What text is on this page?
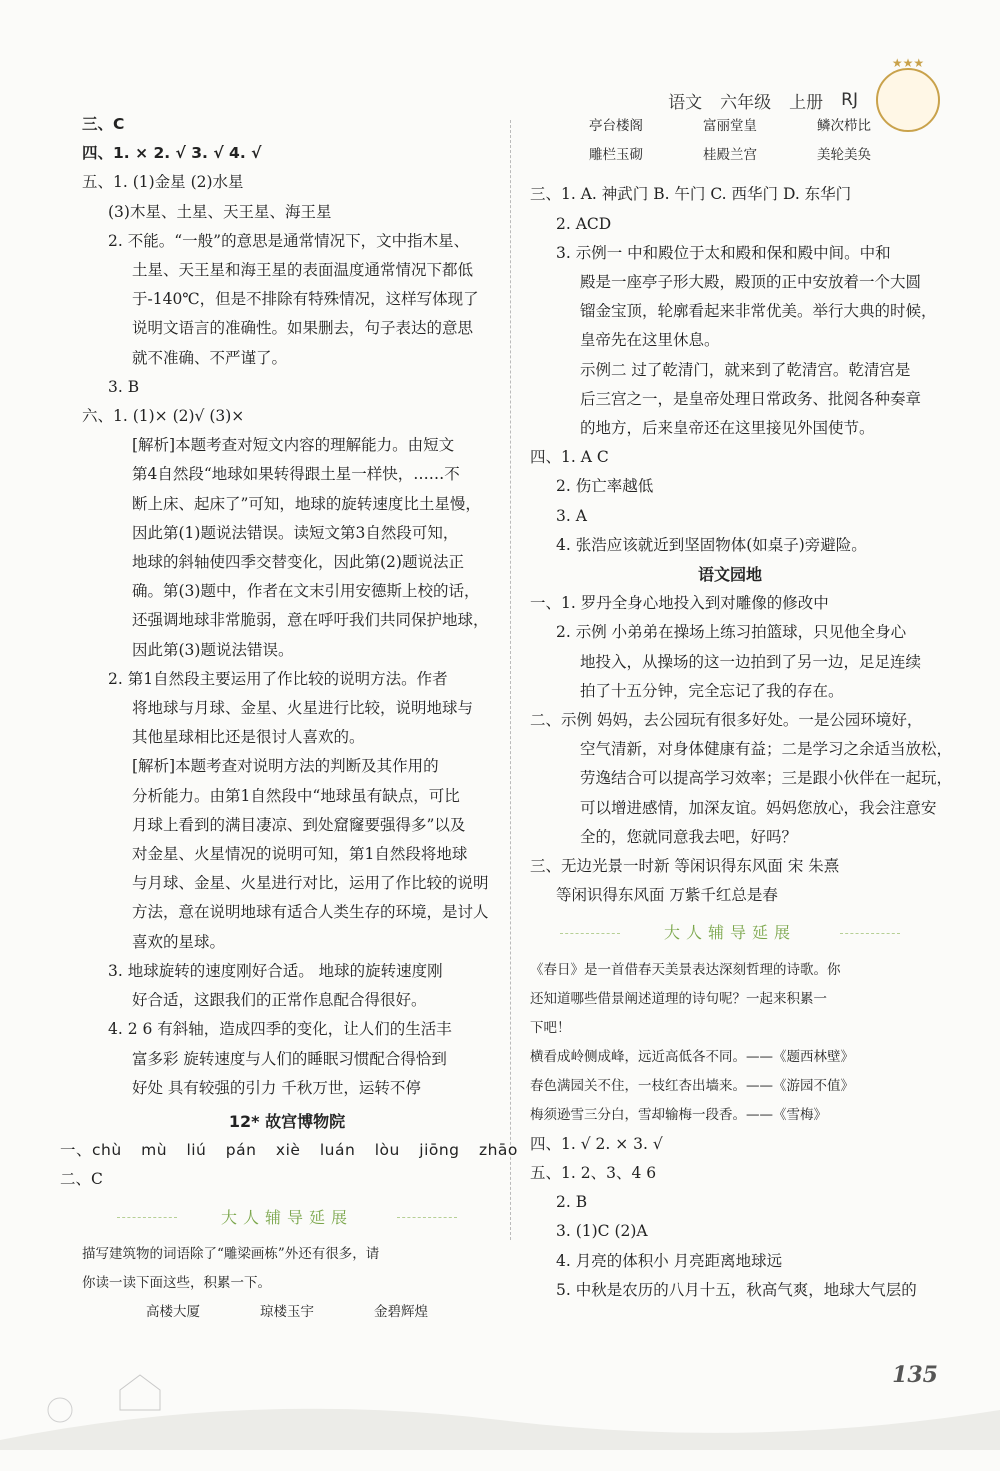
语文 六年级 上册 RJ
★★★
三、C
四、1. × 2. √ 3. √ 4. √
五、1. (1)金星 (2)水星
(3)木星、土星、天王星、海王星
2. 不能。“一般”的意思是通常情况下，文中指木星、
土星、天王星和海王星的表面温度通常情况下都低
于-140℃，但是不排除有特殊情况，这样写体现了
说明文语言的准确性。如果删去，句子表达的意思
就不准确、不严谨了。
3. B
六、1. (1)× (2)√ (3)×
[解析]本题考查对短文内容的理解能力。由短文
第4自然段“地球如果转得跟土星一样快，……不
断上床、起床了”可知，地球的旋转速度比土星慢，
因此第(1)题说法错误。读短文第3自然段可知，
地球的斜轴使四季交替变化，因此第(2)题说法正
确。第(3)题中，作者在文末引用安德斯上校的话，
还强调地球非常脆弱，意在呼吁我们共同保护地球，
因此第(3)题说法错误。
2. 第1自然段主要运用了作比较的说明方法。作者
将地球与月球、金星、火星进行比较，说明地球与
其他星球相比还是很讨人喜欢的。
[解析]本题考查对说明方法的判断及其作用的
分析能力。由第1自然段中“地球虽有缺点，可比
月球上看到的满目凄凉、到处窟窿要强得多”以及
对金星、火星情况的说明可知，第1自然段将地球
与月球、金星、火星进行对比，运用了作比较的说明
方法，意在说明地球有适合人类生存的环境，是讨人
喜欢的星球。
3. 地球旋转的速度刚好合适。 地球的旋转速度刚
好合适，这跟我们的正常作息配合得很好。
4. 2 6 有斜轴，造成四季的变化，让人们的生活丰
富多彩 旋转速度与人们的睡眠习惯配合得恰到
好处 具有较强的引力 千秋万世，运转不停
12* 故宫博物院
一、chù mù liú pán xiè luán lòu jiōng zhāo
二、C
大人辅导延展
描写建筑物的词语除了“雕梁画栋”外还有很多，请
你读一读下面这些，积累一下。
高楼大厦	琼楼玉宇	金碧辉煌
亭台楼阁	富丽堂皇	鳞次栉比
雕栏玉砌	桂殿兰宫	美轮美奂
三、1. A. 神武门 B. 午门 C. 西华门 D. 东华门
2. ACD
3. 示例一 中和殿位于太和殿和保和殿中间。中和
殿是一座亭子形大殿，殿顶的正中安放着一个大圆
镏金宝顶，轮廓看起来非常优美。举行大典的时候，
皇帝先在这里休息。
示例二 过了乾清门，就来到了乾清宫。乾清宫是
后三宫之一，是皇帝处理日常政务、批阅各种奏章
的地方，后来皇帝还在这里接见外国使节。
四、1. A C
2. 伤亡率越低
3. A
4. 张浩应该就近到坚固物体(如桌子)旁避险。
语文园地
一、1. 罗丹全身心地投入到对雕像的修改中
2. 示例 小弟弟在操场上练习拍篮球，只见他全身心
地投入，从操场的这一边拍到了另一边，足足连续
拍了十五分钟，完全忘记了我的存在。
二、示例 妈妈，去公园玩有很多好处。一是公园环境好，
空气清新，对身体健康有益；二是学习之余适当放松，
劳逸结合可以提高学习效率；三是跟小伙伴在一起玩，
可以增进感情，加深友谊。妈妈您放心，我会注意安
全的，您就同意我去吧，好吗？
三、无边光景一时新 等闲识得东风面 宋 朱熹
等闲识得东风面 万紫千红总是春
大人辅导延展
《春日》是一首借春天美景表达深刻哲理的诗歌。你
还知道哪些借景阐述道理的诗句呢？一起来积累一
下吧！
横看成岭侧成峰，远近高低各不同。——《题西林壁》
春色满园关不住，一枝红杏出墙来。——《游园不值》
梅须逊雪三分白，雪却输梅一段香。——《雪梅》
四、1. √ 2. × 3. √
五、1. 2、3、4 6
2. B
3. (1)C (2)A
4. 月亮的体积小 月亮距离地球远
5. 中秋是农历的八月十五，秋高气爽，地球大气层的
135
